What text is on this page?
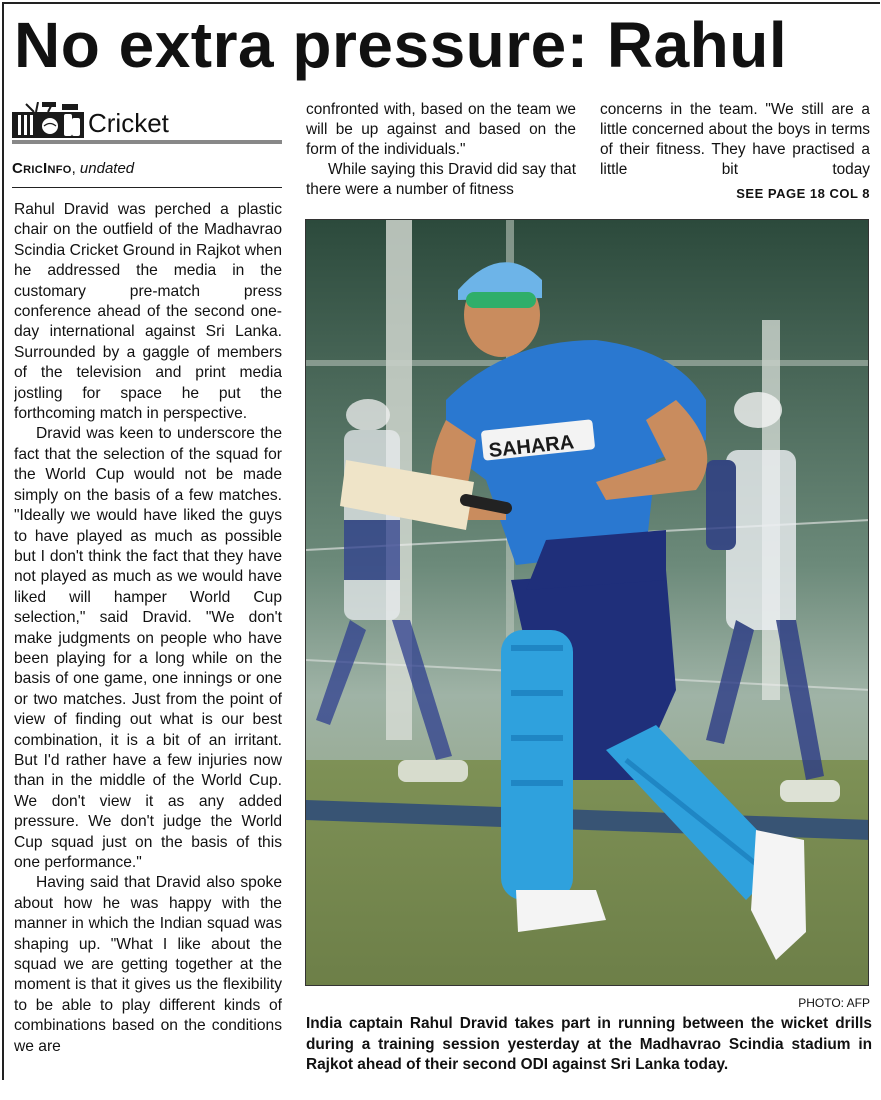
No extra pressure: Rahul
Cricket
CricInfo, undated

Rahul Dravid was perched a plastic chair on the outfield of the Madhavrao Scindia Cricket Ground in Rajkot when he addressed the media in the customary pre-match press conference ahead of the second one-day international against Sri Lanka. Surrounded by a gaggle of members of the television and print media jostling for space he put the forthcoming match in perspective.

Dravid was keen to underscore the fact that the selection of the squad for the World Cup would not be made simply on the basis of a few matches. "Ideally we would have liked the guys to have played as much as possible but I don't think the fact that they have not played as much as we would have liked will hamper World Cup selection," said Dravid. "We don't make judgments on people who have been playing for a long while on the basis of one game, one innings or one or two matches. Just from the point of view of finding out what is our best combination, it is a bit of an irritant. But I'd rather have a few injuries now than in the middle of the World Cup. We don't view it as any added pressure. We don't judge the World Cup squad just on the basis of this one performance."

Having said that Dravid also spoke about how he was happy with the manner in which the Indian squad was shaping up. "What I like about the squad we are getting together at the moment is that it gives us the flexibility to be able to play different kinds of combinations based on the conditions we are

confronted with, based on the team we will be up against and based on the form of the individuals."

While saying this Dravid did say that there were a number of fitness

concerns in the team. "We still are a little concerned about the boys in terms of their fitness. They have practised a little bit today

SEE PAGE 18 COL 8
SAHARA
PHOTO: AFP

India captain Rahul Dravid takes part in running between the wicket drills during a training session yesterday at the Madhavrao Scindia stadium in Rajkot ahead of their second ODI against Sri Lanka today.
